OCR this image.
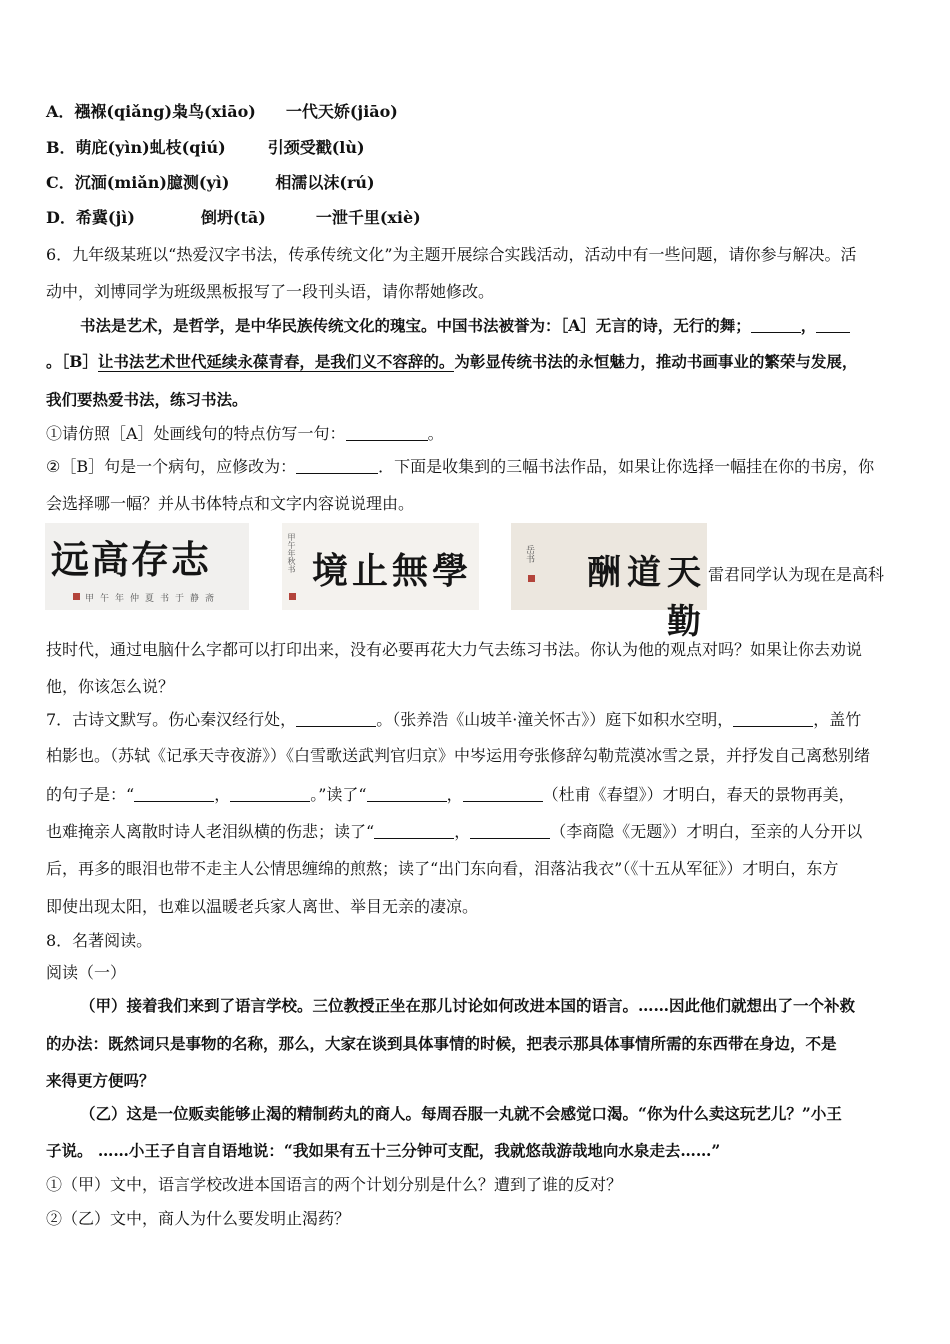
A．襁褓(qiǎng)枭鸟(xiāo) 一代天娇(jiāo)
B．萌庇(yìn)虬枝(qiú)	引颈受戳(lù)
C．沉湎(miǎn)臆测(yì)	相濡以沫(rú)
D．希冀(jì)	倒坍(tā)	一泄千里(xiè)
6．九年级某班以“热爱汉字书法，传承传统文化”为主题开展综合实践活动，活动中有一些问题，请你参与解决。活
动中，刘博同学为班级黑板报写了一段刊头语，请你帮她修改。
书法是艺术，是哲学，是中华民族传统文化的瑰宝。中国书法被誉为：［A］无言的诗，无行的舞；	，
。［B］让书法艺术世代延续永葆青春，是我们义不容辞的。为彰显传统书法的永恒魅力，推动书画事业的繁荣与发展，
我们要热爱书法，练习书法。
①请仿照［A］处画线句的特点仿写一句：	。
②［B］句是一个病句，应修改为：	．下面是收集到的三幅书法作品，如果让你选择一幅挂在你的书房，你
会选择哪一幅？并从书体特点和文字内容说说理由。
志存高远
甲午年仲夏书于静斋
學無止境
甲午年秋书	天道酬勤
岳书
雷君同学认为现在是高科
技时代，通过电脑什么字都可以打印出来，没有必要再花大力气去练习书法。你认为他的观点对吗？如果让你去劝说
他，你该怎么说？
7．古诗文默写。伤心秦汉经行处，	。（张养浩《山坡羊·潼关怀古》）庭下如积水空明，	，盖竹
柏影也。（苏轼《记承天寺夜游》）《白雪歌送武判官归京》中岑运用夸张修辞勾勒荒漠冰雪之景，并抒发自己离愁别绪
的句子是：“	，	。”读了“	，	（杜甫《春望》）才明白，春天的景物再美，
也难掩亲人离散时诗人老泪纵横的伤悲；读了“	，	（李商隐《无题》）才明白，至亲的人分开以
后，再多的眼泪也带不走主人公情思缠绵的煎熬；读了“出门东向看，泪落沾我衣”（《十五从军征》）才明白，东方
即使出现太阳，也难以温暖老兵家人离世、举目无亲的凄凉。
8．名著阅读。
阅读（一）
（甲）接着我们来到了语言学校。三位教授正坐在那儿讨论如何改进本国的语言。……因此他们就想出了一个补救
的办法：既然词只是事物的名称，那么，大家在谈到具体事情的时候，把表示那具体事情所需的东西带在身边，不是
来得更方便吗？
（乙）这是一位贩卖能够止渴的精制药丸的商人。每周吞服一丸就不会感觉口渴。“你为什么卖这玩艺儿？”小王
子说。 ……小王子自言自语地说：“我如果有五十三分钟可支配，我就悠哉游哉地向水泉走去……”
①（甲）文中，语言学校改进本国语言的两个计划分别是什么？遭到了谁的反对？
②（乙）文中，商人为什么要发明止渴药？
